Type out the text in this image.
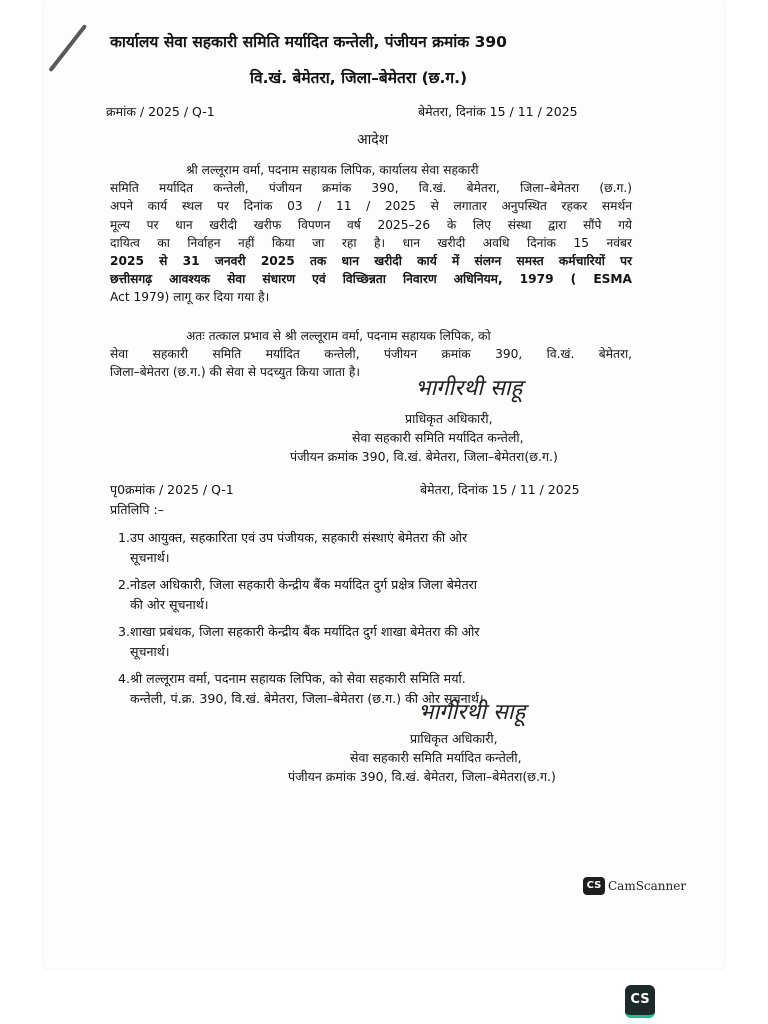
कार्यालय सेवा सहकारी समिति मर्यादित कन्तेली, पंजीयन क्रमांक 390
वि.खं. बेमेतरा, जिला–बेमेतरा (छ.ग.)
क्रमांक / 2025 / Q-1	बेमेतरा, दिनांक 15 / 11 / 2025
आदेश
श्री लल्लूराम वर्मा, पदनाम सहायक लिपिक, कार्यालय सेवा सहकारी
समिति मर्यादित कन्तेली, पंजीयन क्रमांक 390, वि.खं. बेमेतरा, जिला–बेमेतरा (छ.ग.)
अपने कार्य स्थल पर दिनांक 03 / 11 / 2025 से लगातार अनुपस्थित रहकर समर्थन
मूल्य पर धान खरीदी खरीफ विपणन वर्ष 2025–26 के लिए संस्था द्वारा सौंपे गये
दायित्व का निर्वाहन नहीं किया जा रहा है। धान खरीदी अवधि दिनांक 15 नवंबर
2025 से 31 जनवरी 2025 तक धान खरीदी कार्य में संलग्न समस्त कर्मचारियों पर
छत्तीसगढ़ आवश्यक सेवा संधारण एवं विच्छिन्नता निवारण अधिनियम, 1979 ( ESMA
Act 1979) लागू कर दिया गया है।
अतः तत्काल प्रभाव से श्री लल्लूराम वर्मा, पदनाम सहायक लिपिक, को
सेवा सहकारी समिति मर्यादित कन्तेली, पंजीयन क्रमांक 390, वि.खं. बेमेतरा,
जिला–बेमेतरा (छ.ग.) की सेवा से पदच्युत किया जाता है।
भागीरथी साहू
प्राधिकृत अधिकारी,
सेवा सहकारी समिति मर्यादित कन्तेली,
पंजीयन क्रमांक 390, वि.खं. बेमेतरा, जिला–बेमेतरा(छ.ग.)
पृ0क्रमांक / 2025 / Q-1	बेमेतरा, दिनांक 15 / 11 / 2025
प्रतिलिपि :–
1. उप आयुक्त, सहकारिता एवं उप पंजीयक, सहकारी संस्थाएं बेमेतरा की ओर
सूचनार्थ।
2. नोडल अधिकारी, जिला सहकारी केन्द्रीय बैंक मर्यादित दुर्ग प्रक्षेत्र जिला बेमेतरा
की ओर सूचनार्थ।
3. शाखा प्रबंधक, जिला सहकारी केन्द्रीय बैंक मर्यादित दुर्ग शाखा बेमेतरा की ओर
सूचनार्थ।
4. श्री लल्लूराम वर्मा, पदनाम सहायक लिपिक, को सेवा सहकारी समिति मर्या.
कन्तेली, पं.क्र. 390, वि.खं. बेमेतरा, जिला–बेमेतरा (छ.ग.) की ओर सूचनार्थ।
भागीरथी साहू
प्राधिकृत अधिकारी,
सेवा सहकारी समिति मर्यादित कन्तेली,
पंजीयन क्रमांक 390, वि.खं. बेमेतरा, जिला–बेमेतरा(छ.ग.)
CS CamScanner
CS
